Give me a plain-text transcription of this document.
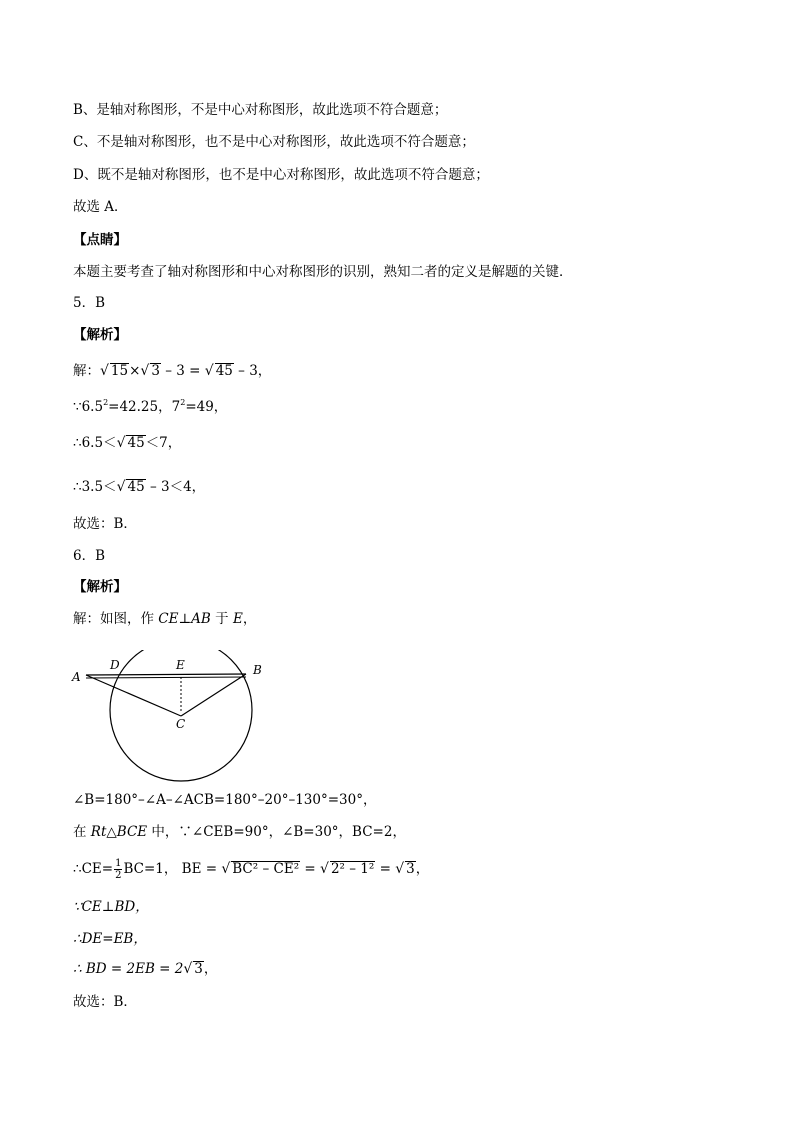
B、是轴对称图形，不是中心对称图形，故此选项不符合题意；
C、不是轴对称图形，也不是中心对称图形，故此选项不符合题意；
D、既不是轴对称图形，也不是中心对称图形，故此选项不符合题意；
故选 A．
【点睛】
本题主要考查了轴对称图形和中心对称图形的识别，熟知二者的定义是解题的关键．
5．B
【解析】
解：√ 15×√ 3 – 3 = √ 45 – 3，
$\because 6.5^2=42.25$，$7^2=49$，
∴6.5＜√ 45＜7，
∴3.5＜√ 45 – 3＜4，
故选：B．
6．B
【解析】
解：如图，作 CE⊥AB 于 E，
A
D	E	B
C
∠B=180°–∠A–∠ACB=180°–20°–130°=30°，
在 Rt△BCE 中，∵∠CEB=90°，∠B=30°，BC=2，
∴CE= $\frac{1}{2} BC=1$， BE = √ BC² – CE² = √ 2² – 1² = √ 3，
∵CE⊥BD，
∴DE=EB，
∴ BD = 2EB = 2√ 3，
故选：B．
